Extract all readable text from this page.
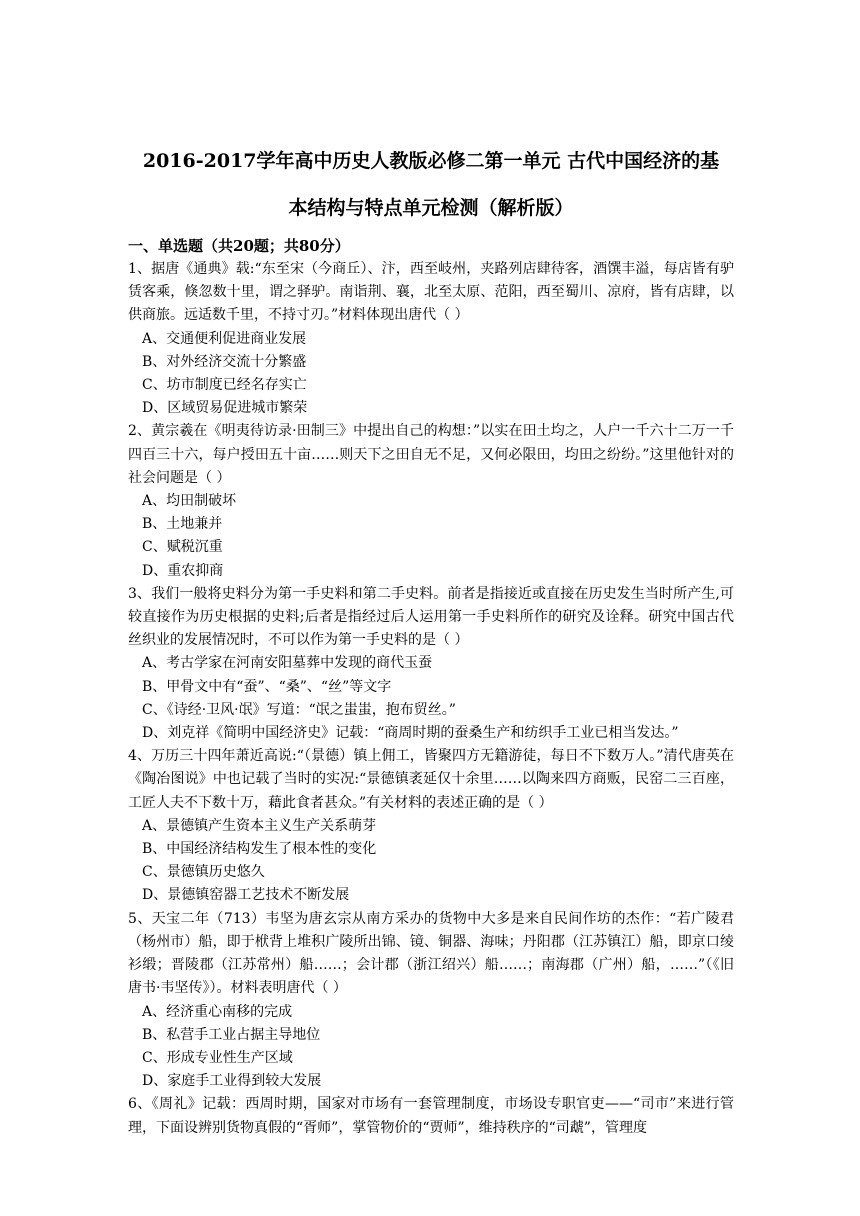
2016-2017学年高中历史人教版必修二第一单元 古代中国经济的基
本结构与特点单元检测（解析版）
一、单选题（共20题；共80分）
1、据唐《通典》载:“东至宋（今商丘）、汴，西至岐州，夹路列店肆待客，酒馔丰溢，每店皆有驴赁客乘，倏忽数十里，谓之驿驴。南诣荆、襄，北至太原、范阳，西至蜀川、凉府，皆有店肆，以供商旅。远适数千里，不持寸刃。”材料体现出唐代（ ）
A、交通便利促进商业发展
B、对外经济交流十分繁盛
C、坊市制度已经名存实亡
D、区域贸易促进城市繁荣
2、黄宗羲在《明夷待访录·田制三》中提出自己的构想：”以实在田土均之，人户一千六十二万一千四百三十六，每户授田五十亩……则天下之田自无不足，又何必限田，均田之纷纷。”这里他针对的社会问题是（ ）
A、均田制破坏
B、土地兼并
C、赋税沉重
D、重农抑商
3、我们一般将史料分为第一手史料和第二手史料。前者是指接近或直接在历史发生当时所产生,可较直接作为历史根据的史料;后者是指经过后人运用第一手史料所作的研究及诠释。研究中国古代丝织业的发展情况时，不可以作为第一手史料的是（ ）
A、考古学家在河南安阳墓葬中发现的商代玉蚕
B、甲骨文中有“蚕”、“桑”、“丝”等文字
C、《诗经·卫风·氓》写道：“氓之蚩蚩，抱布贸丝。”
D、刘克祥《简明中国经济史》记载：“商周时期的蚕桑生产和纺织手工业已相当发达。”
4、万历三十四年萧近高说:“（景德）镇上佣工，皆聚四方无籍游徒，每日不下数万人。”清代唐英在《陶冶图说》中也记载了当时的实况:“景德镇袤延仅十余里……以陶来四方商贩，民窑二三百座，工匠人夫不下数十万，藉此食者甚众。”有关材料的表述正确的是（ ）
A、景德镇产生资本主义生产关系萌芽
B、中国经济结构发生了根本性的变化
C、景德镇历史悠久
D、景德镇窑器工艺技术不断发展
5、天宝二年（713）韦坚为唐玄宗从南方采办的货物中大多是来自民间作坊的杰作：“若广陵君（杨州市）船，即于栿背上堆积广陵所出锦、镜、铜器、海味；丹阳郡（江苏镇江）船，即京口绫衫缎；晋陵郡（江苏常州）船……；会计郡（浙江绍兴）船……；南海郡（广州）船，……”（《旧唐书·韦坚传》）。材料表明唐代（ ）
A、经济重心南移的完成
B、私营手工业占据主导地位
C、形成专业性生产区域
D、家庭手工业得到较大发展
6、《周礼》记载：西周时期，国家对市场有一套管理制度，市场设专职官吏——“司市”来进行管理，下面设辨别货物真假的“胥师”，掌管物价的“贾师”，维持秩序的“司虣”，管理度
